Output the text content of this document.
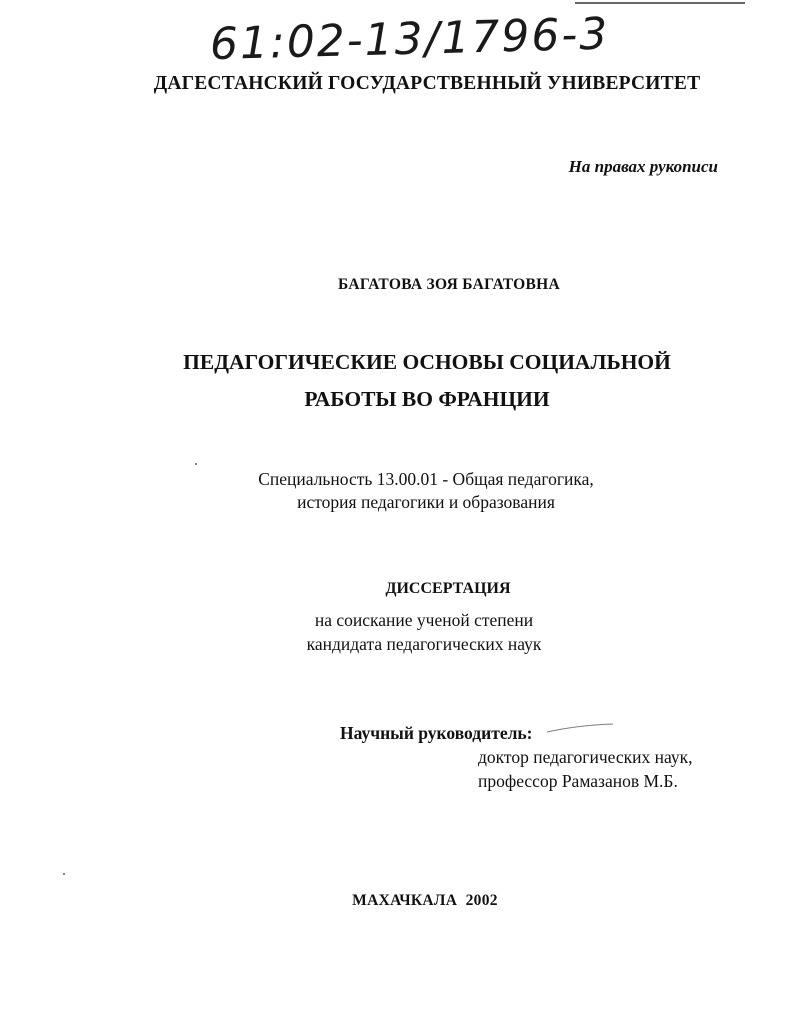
61:02-13/1796-3

ДАГЕСТАНСКИЙ ГОСУДАРСТВЕННЫЙ УНИВЕРСИТЕТ

На правах рукописи

БАГАТОВА ЗОЯ БАГАТОВНА

ПЕДАГОГИЧЕСКИЕ ОСНОВЫ СОЦИАЛЬНОЙ

РАБОТЫ ВО ФРАНЦИИ

Специальность 13.00.01 - Общая педагогика,

история педагогики и образования

ДИССЕРТАЦИЯ

на соискание ученой степени

кандидата педагогических наук

Научный руководитель:

доктор педагогических наук,

профессор Рамазанов М.Б.

МАХАЧКАЛА  2002
